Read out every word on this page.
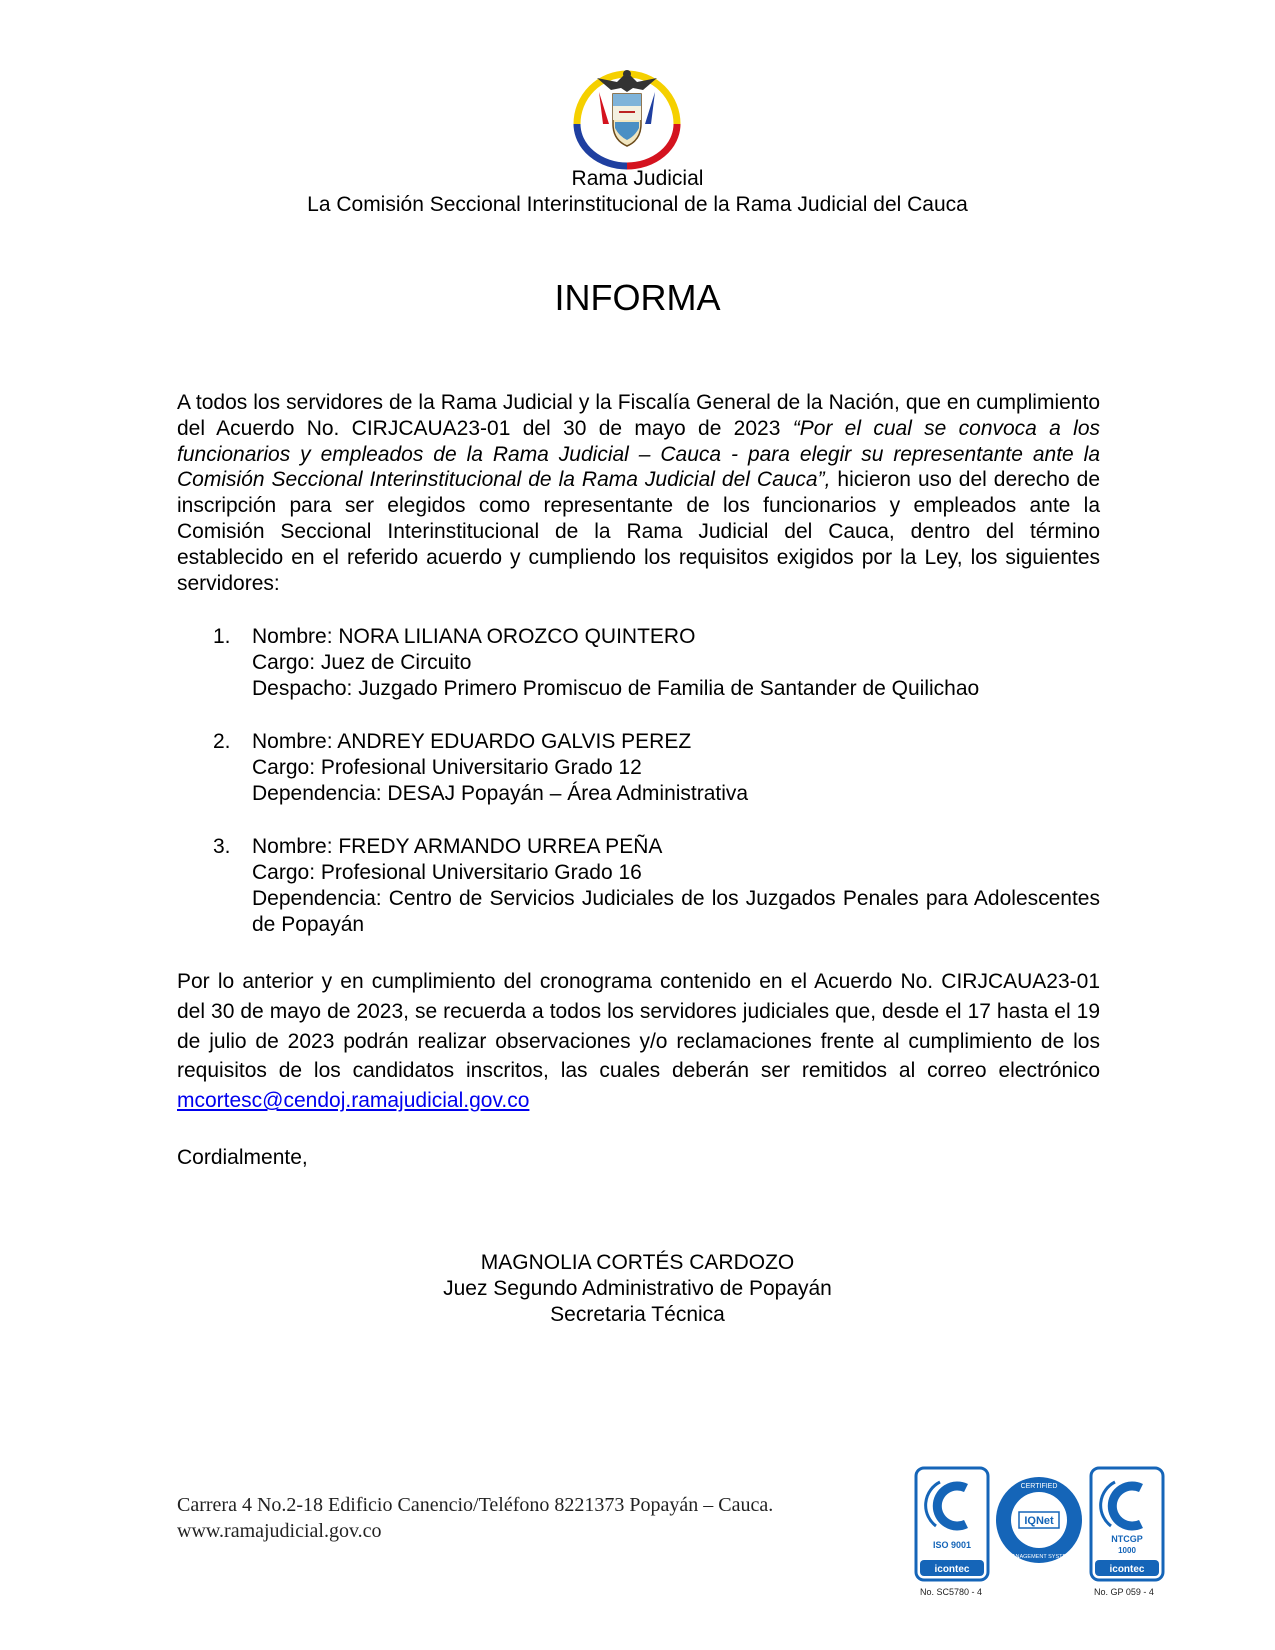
Rama Judicial
La Comisión Seccional Interinstitucional de la Rama Judicial del Cauca
INFORMA
A todos los servidores de la Rama Judicial y la Fiscalía General de la Nación, que en cumplimiento del Acuerdo No. CIRJCAUA23-01 del 30 de mayo de 2023 “Por el cual se convoca a los funcionarios y empleados de la Rama Judicial – Cauca - para elegir su representante ante la Comisión Seccional Interinstitucional de la Rama Judicial del Cauca”, hicieron uso del derecho de inscripción para ser elegidos como representante de los funcionarios y empleados ante la Comisión Seccional Interinstitucional de la Rama Judicial del Cauca, dentro del término establecido en el referido acuerdo y cumpliendo los requisitos exigidos por la Ley, los siguientes servidores:
1. Nombre: NORA LILIANA OROZCO QUINTERO
Cargo: Juez de Circuito
Despacho: Juzgado Primero Promiscuo de Familia de Santander de Quilichao
2. Nombre: ANDREY EDUARDO GALVIS PEREZ
Cargo: Profesional Universitario Grado 12
Dependencia: DESAJ Popayán – Área Administrativa
3. Nombre: FREDY ARMANDO URREA PEÑA
Cargo: Profesional Universitario Grado 16
Dependencia: Centro de Servicios Judiciales de los Juzgados Penales para Adolescentes de Popayán
Por lo anterior y en cumplimiento del cronograma contenido en el Acuerdo No. CIRJCAUA23-01 del 30 de mayo de 2023, se recuerda a todos los servidores judiciales que, desde el 17 hasta el 19 de julio de 2023 podrán realizar observaciones y/o reclamaciones frente al cumplimiento de los requisitos de los candidatos inscritos, las cuales deberán ser remitidos al correo electrónico mcortesc@cendoj.ramajudicial.gov.co
Cordialmente,
MAGNOLIA CORTÉS CARDOZO
Juez Segundo Administrativo de Popayán
Secretaria Técnica
Carrera 4 No.2-18 Edificio Canencio/Teléfono 8221373 Popayán – Cauca.
www.ramajudicial.gov.co
ISO 9001
icontec
No. SC5780 - 4
IQNet
CERTIFIED
MANAGEMENT SYSTEM
NTCGP
1000
icontec
No. GP 059 - 4
